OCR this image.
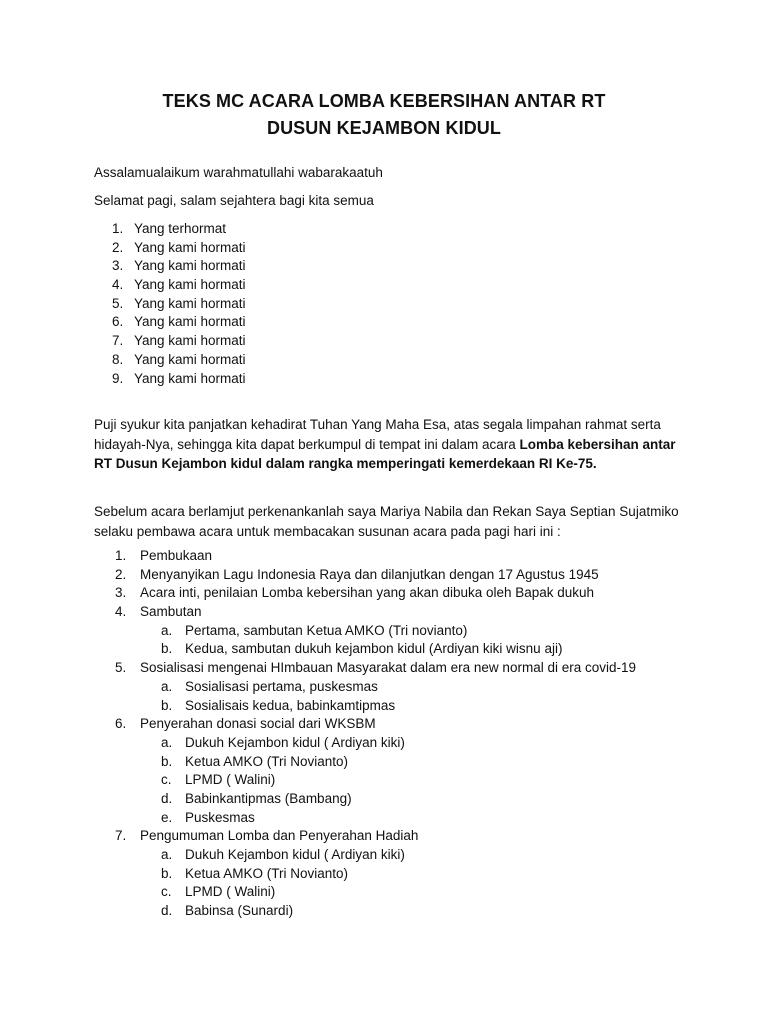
TEKS MC ACARA LOMBA KEBERSIHAN ANTAR RT
DUSUN KEJAMBON KIDUL

Assalamualaikum warahmatullahi wabarakaatuh

Selamat pagi, salam sejahtera bagi kita semua

1. Yang terhormat
2. Yang kami hormati
3. Yang kami hormati
4. Yang kami hormati
5. Yang kami hormati
6. Yang kami hormati
7. Yang kami hormati
8. Yang kami hormati
9. Yang kami hormati

Puji syukur kita panjatkan kehadirat Tuhan Yang Maha Esa, atas segala limpahan rahmat serta hidayah-Nya, sehingga kita dapat berkumpul di tempat ini dalam acara Lomba kebersihan antar RT Dusun Kejambon kidul dalam rangka memperingati kemerdekaan RI Ke-75.

Sebelum acara berlamjut perkenankanlah saya Mariya Nabila dan Rekan Saya Septian Sujatmiko selaku pembawa acara untuk membacakan susunan acara pada pagi hari ini :

1.	Pembukaan
2.	Menyanyikan Lagu Indonesia Raya dan dilanjutkan dengan 17 Agustus 1945
3.	Acara inti, penilaian Lomba kebersihan yang akan dibuka oleh Bapak dukuh
4.	Sambutan
a. Pertama, sambutan Ketua AMKO (Tri novianto)
b. Kedua, sambutan dukuh kejambon kidul (Ardiyan kiki wisnu aji)
5.	Sosialisasi mengenai HImbauan Masyarakat dalam era new normal di era covid-19
a. Sosialisasi pertama, puskesmas
b. Sosialisais kedua, babinkamtipmas
6.	Penyerahan donasi social dari WKSBM
a. Dukuh Kejambon kidul ( Ardiyan kiki)
b. Ketua AMKO (Tri Novianto)
c. LPMD ( Walini)
d. Babinkantipmas (Bambang)
e. Puskesmas
7.	Pengumuman Lomba dan Penyerahan Hadiah
a. Dukuh Kejambon kidul ( Ardiyan kiki)
b. Ketua AMKO (Tri Novianto)
c. LPMD ( Walini)
d. Babinsa (Sunardi)
